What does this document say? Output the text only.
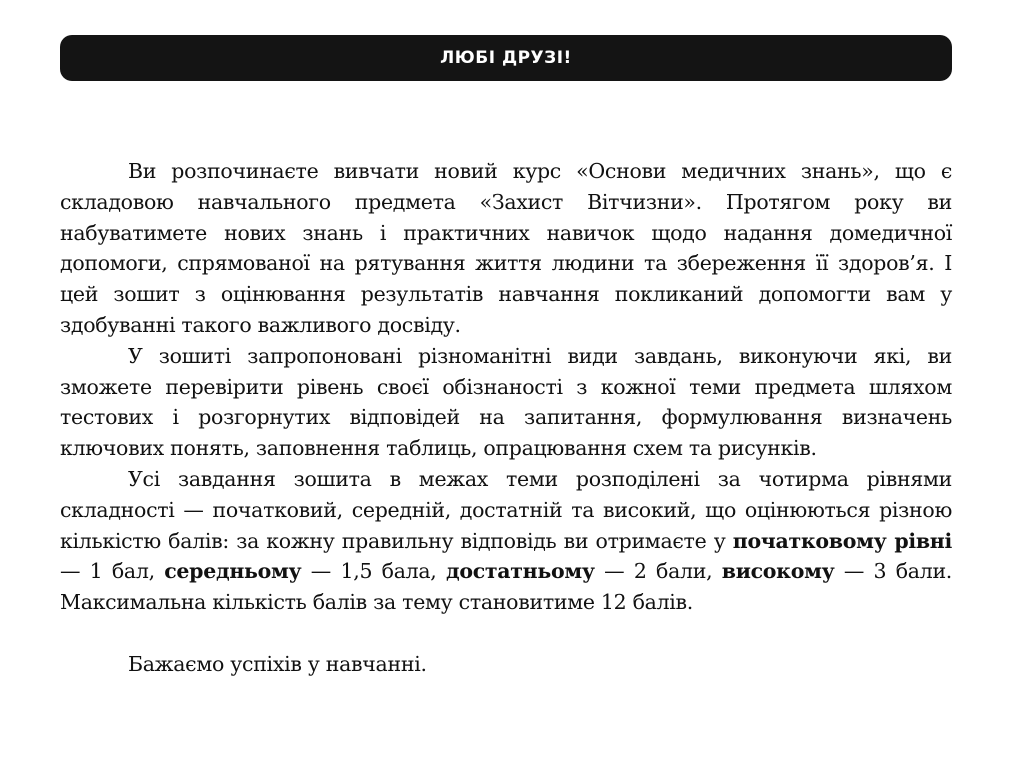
ЛЮБІ ДРУЗІ!

Ви розпочинаєте вивчати новий курс «Основи медичних знань», що є складовою навчального предмета «Захист Вітчизни». Протягом року ви набуватимете нових знань і практичних навичок щодо надання домедичної допомоги, спрямованої на рятування життя людини та збереження її здоров’я. І цей зошит з оцінювання результатів навчання покликаний допомогти вам у здобуванні такого важливого досвіду.

У зошиті запропоновані різноманітні види завдань, виконуючи які, ви зможете перевірити рівень своєї обізнаності з кожної теми предмета шляхом тестових і розгорнутих відповідей на запитання, формулювання визначень ключових понять, заповнення таблиць, опрацювання схем та рисунків.

Усі завдання зошита в межах теми розподілені за чотирма рівнями складності — початковий, середній, достатній та високий, що оцінюються різною кількістю балів: за кожну правильну відповідь ви отримаєте у початковому рівні — 1 бал, середньому — 1,5 бала, достатньому — 2 бали, високому — 3 бали. Максимальна кількість балів за тему становитиме 12 балів.

Бажаємо успіхів у навчанні.
